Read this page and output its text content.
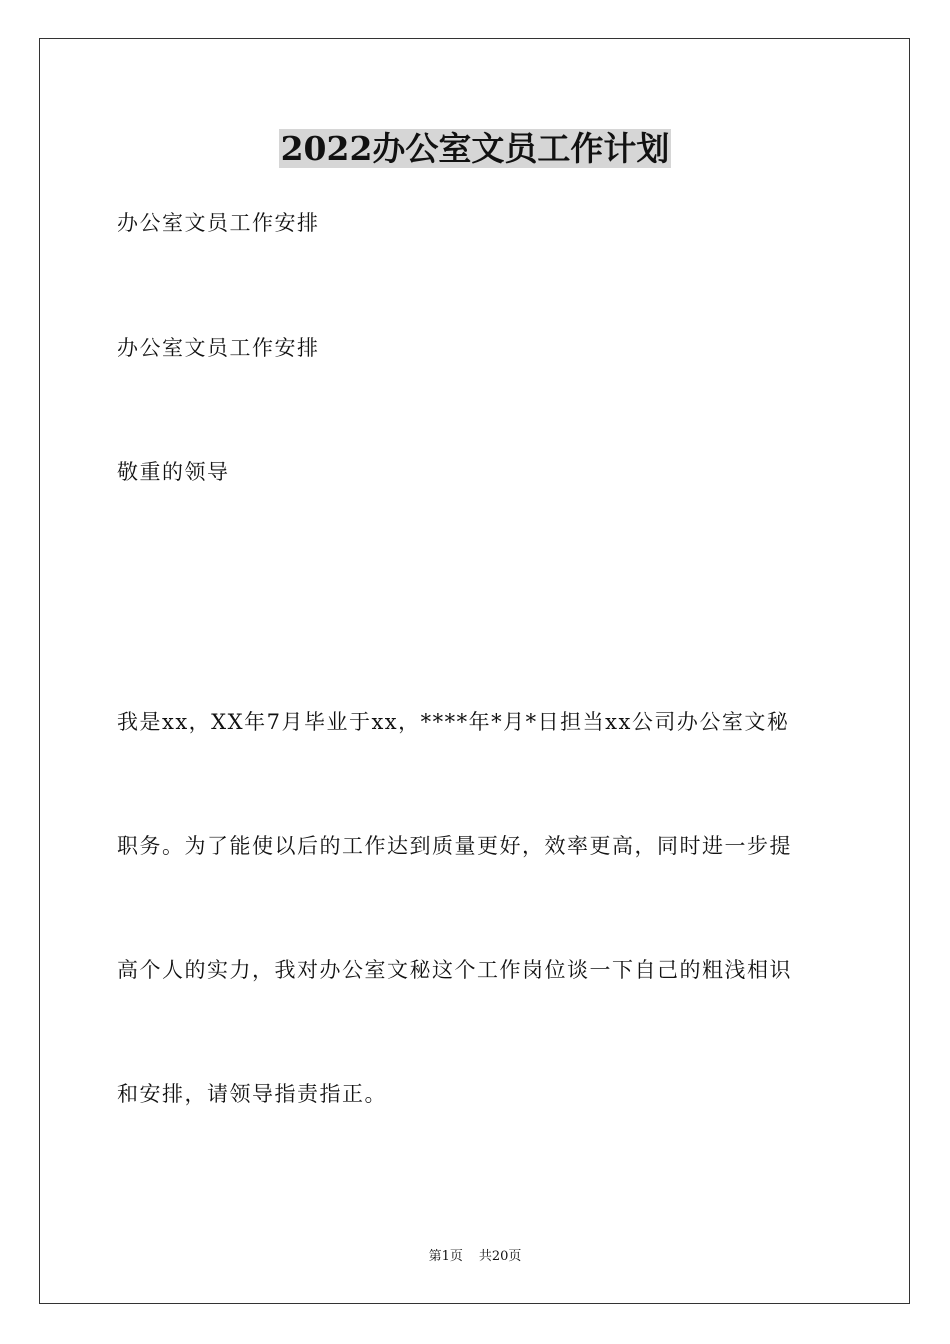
2022办公室文员工作计划
办公室文员工作安排
办公室文员工作安排
敬重的领导
我是xx，XX年7月毕业于xx，****年*月*日担当xx公司办公室文秘
职务。为了能使以后的工作达到质量更好，效率更高，同时进一步提
高个人的实力，我对办公室文秘这个工作岗位谈一下自己的粗浅相识
和安排，请领导指责指正。
第1页 共20页
